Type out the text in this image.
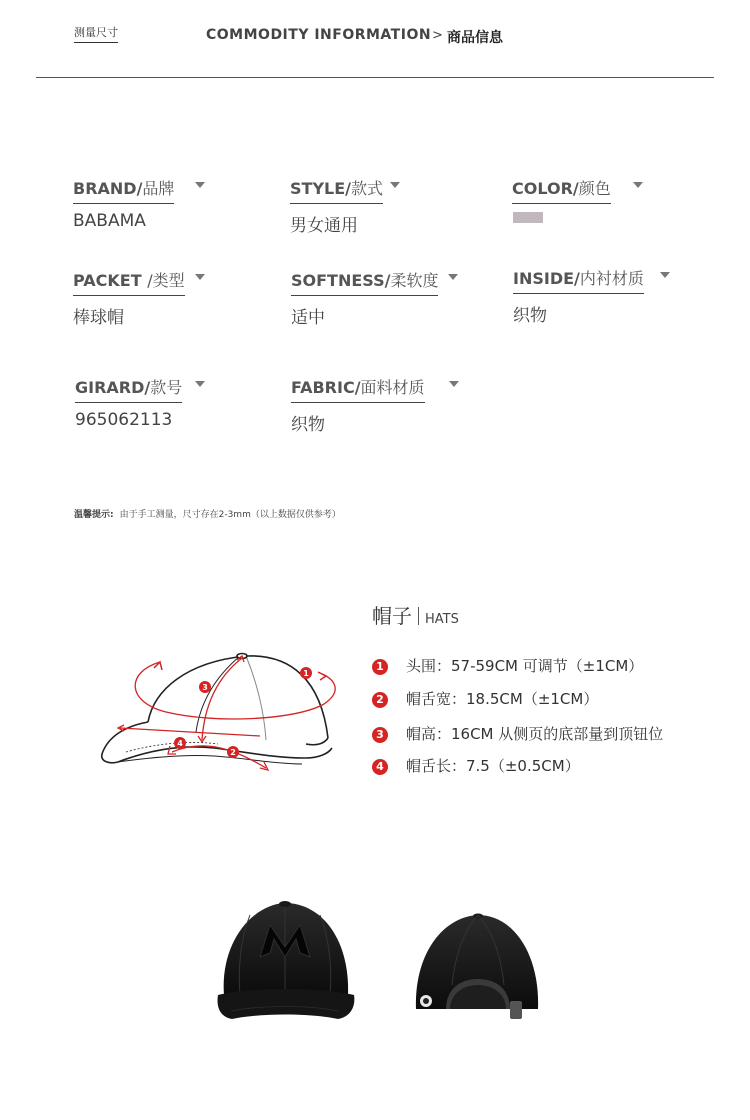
测量尺寸	COMMODITY INFORMATION > 商品信息
BRAND/品牌
BABAMA
STYLE/款式
男女通用
COLOR/颜色
PACKET /类型
棒球帽
SOFTNESS/柔软度
适中
INSIDE/内衬材质
织物
GIRARD/款号
965062113
FABRIC/面料材质
织物
温馨提示: 由于手工测量，尺寸存在2-3mm（以上数据仅供参考）
1
2
3
4
帽子 HATS
1 头围：57-59CM 可调节（±1CM）
2 帽舌宽：18.5CM（±1CM）
3 帽高：16CM 从侧页的底部量到顶钮位
4 帽舌长：7.5（±0.5CM）
